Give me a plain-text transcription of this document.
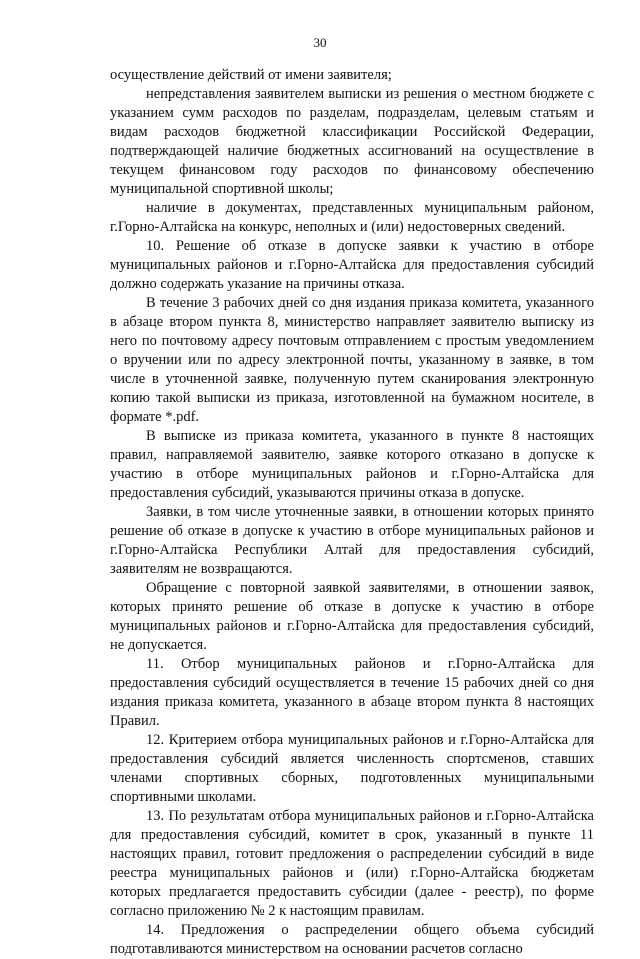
30

осуществление действий от имени заявителя;

непредставления заявителем выписки из решения о местном бюджете с указанием сумм расходов по разделам, подразделам, целевым статьям и видам расходов бюджетной классификации Российской Федерации, подтверждающей наличие бюджетных ассигнований на осуществление в текущем финансовом году расходов по финансовому обеспечению муниципальной спортивной школы;

наличие в документах, представленных муниципальным районом, г.Горно-Алтайска на конкурс, неполных и (или) недостоверных сведений.

10. Решение об отказе в допуске заявки к участию в отборе муниципальных районов и г.Горно-Алтайска для предоставления субсидий должно содержать указание на причины отказа.

В течение 3 рабочих дней со дня издания приказа комитета, указанного в абзаце втором пункта 8, министерство направляет заявителю выписку из него по почтовому адресу почтовым отправлением с простым уведомлением о вручении или по адресу электронной почты, указанному в заявке, в том числе в уточненной заявке, полученную путем сканирования электронную копию такой выписки из приказа, изготовленной на бумажном носителе, в формате *.pdf.

В выписке из приказа комитета, указанного в пункте 8 настоящих правил, направляемой заявителю, заявке которого отказано в допуске к участию в отборе муниципальных районов и г.Горно-Алтайска для предоставления субсидий, указываются причины отказа в допуске.

Заявки, в том числе уточненные заявки, в отношении которых принято решение об отказе в допуске к участию в отборе муниципальных районов и г.Горно-Алтайска Республики Алтай для предоставления субсидий, заявителям не возвращаются.

Обращение с повторной заявкой заявителями, в отношении заявок, которых принято решение об отказе в допуске к участию в отборе муниципальных районов и г.Горно-Алтайска для предоставления субсидий, не допускается.

11. Отбор муниципальных районов и г.Горно-Алтайска для предоставления субсидий осуществляется в течение 15 рабочих дней со дня издания приказа комитета, указанного в абзаце втором пункта 8 настоящих Правил.

12. Критерием отбора муниципальных районов и г.Горно-Алтайска для предоставления субсидий является численность спортсменов, ставших членами спортивных сборных, подготовленных муниципальными спортивными школами.

13. По результатам отбора муниципальных районов и г.Горно-Алтайска для предоставления субсидий, комитет в срок, указанный в пункте 11 настоящих правил, готовит предложения о распределении субсидий в виде реестра муниципальных районов и (или) г.Горно-Алтайска бюджетам которых предлагается предоставить субсидии (далее - реестр), по форме согласно приложению № 2 к настоящим правилам.

14. Предложения о распределении общего объема субсидий подготавливаются министерством на основании расчетов согласно
